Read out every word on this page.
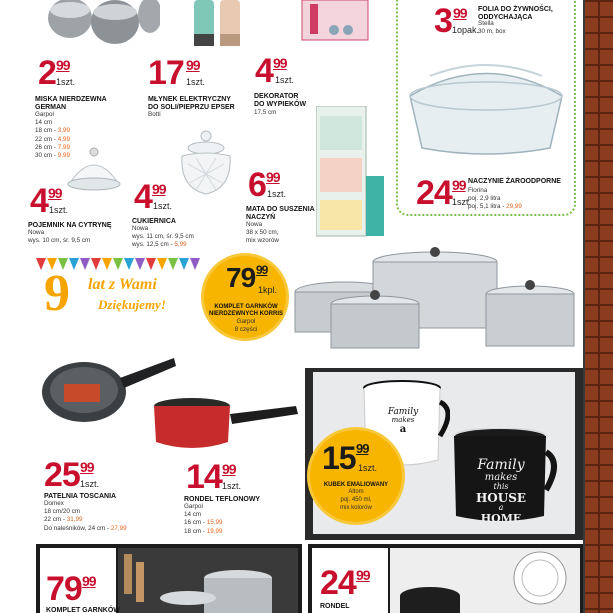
2 99
1szt.
MISKA NIERDZEWNA
GERMAN
Garpol
14 cm
18 cm - 3,99
22 cm - 4,99
26 cm - 7,99
30 cm - 9,99
17 99
1szt.
MŁYNEK ELEKTRYCZNY
DO SOLI/PIEPRZU EPSER
Botti
4 99
1szt.
DEKORATOR
DO WYPIEKÓW
17,5 cm
3 99
1opak.
FOLIA DO ŻYWNOŚCI,
ODDYCHAJĄCA
Stella
30 m, box
24 99
1szt.
NACZYNIE ŻAROODPORNE
Florina
poj. 2,9 litra
poj. 5,1 litra - 29,99
4 99
1szt.
POJEMNIK NA CYTRYNĘ
Nowa
wys. 10 cm, śr. 9,5 cm
4 99
1szt.
CUKIERNICA
Nowa
wys. 11 cm, śr. 9,5 cm
wys. 12,5 cm - 5,99
6 99
1szt.
MATA DO SUSZENIA
NACZYŃ
Nowa
38 x 50 cm,
mix wzorów
9 lat z Wami
Dziękujemy!
79 99
1kpl.
KOMPLET GARNKÓW
NIERDZEWNYCH KORRIS
Garpol
8 części
25 99
1szt.
PATELNIA TOSCANIA
Domex
18 cm/20 cm
22 cm - 31,99
Do naleśników, 24 cm - 27,99
14 99
1szt.
RONDEL TEFLONOWY
Garpol
14 cm
16 cm - 15,99
18 cm - 19,99
Family
makes
a
Family
makes
this
HOUSE
a
HOME
15 99
1szt.
KUBEK EMALIOWANY
Altom
poj. 450 ml,
mix kolorów
79 99
KOMPLET GARNKÓW
24 99
RONDEL
